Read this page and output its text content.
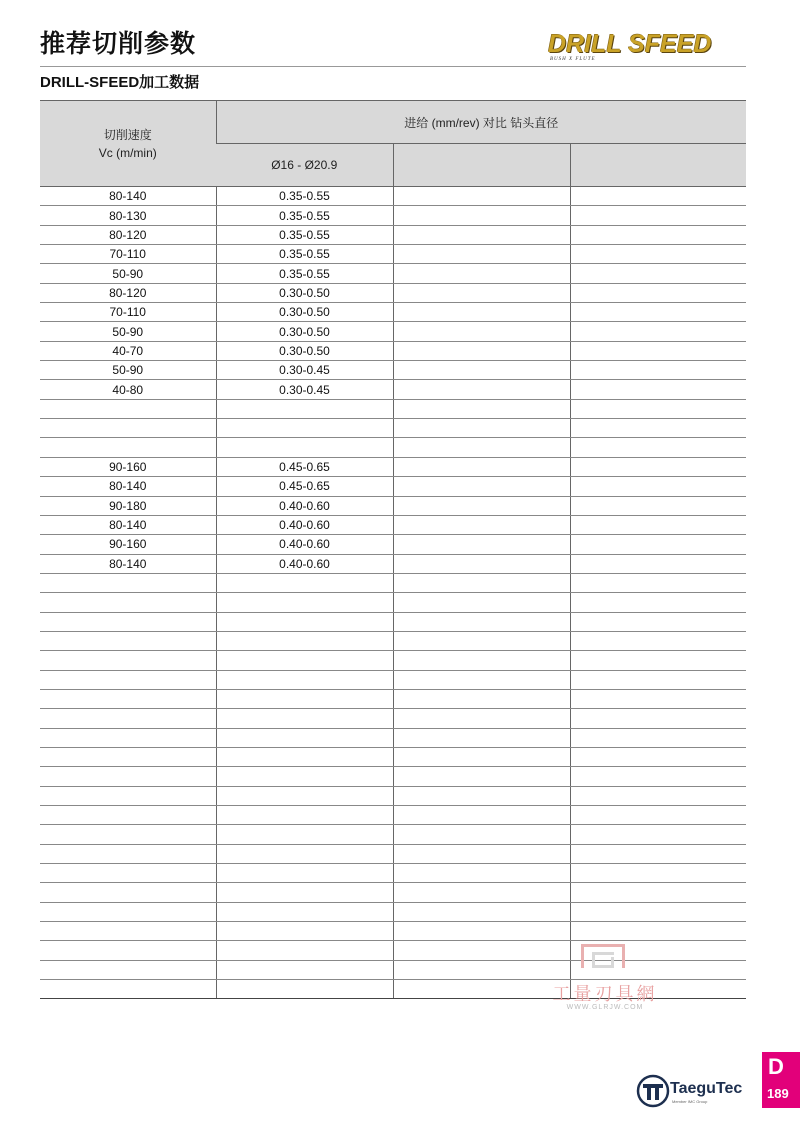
推荐切削参数
DRILL-SFEED加工数据
DRILL SFEED
BUSH X FLUTE
切削速度
Vc (m/min)	进给 (mm/rev) 对比 钻头直径		
	Ø16 - Ø20.9		
80-140	0.35-0.55		
80-130	0.35-0.55		
80-120	0.35-0.55		
70-110	0.35-0.55		
50-90	0.35-0.55		
80-120	0.30-0.50		
70-110	0.30-0.50		
50-90	0.30-0.50		
40-70	0.30-0.50		
50-90	0.30-0.45		
40-80	0.30-0.45		

90-160	0.45-0.65		
80-140	0.45-0.65		
90-180	0.40-0.60		
80-140	0.40-0.60		
90-160	0.40-0.60		
80-140	0.40-0.60		

工量刃具網
WWW.GLRJW.COM
TaeguTec
Member IMC Group
D
189
